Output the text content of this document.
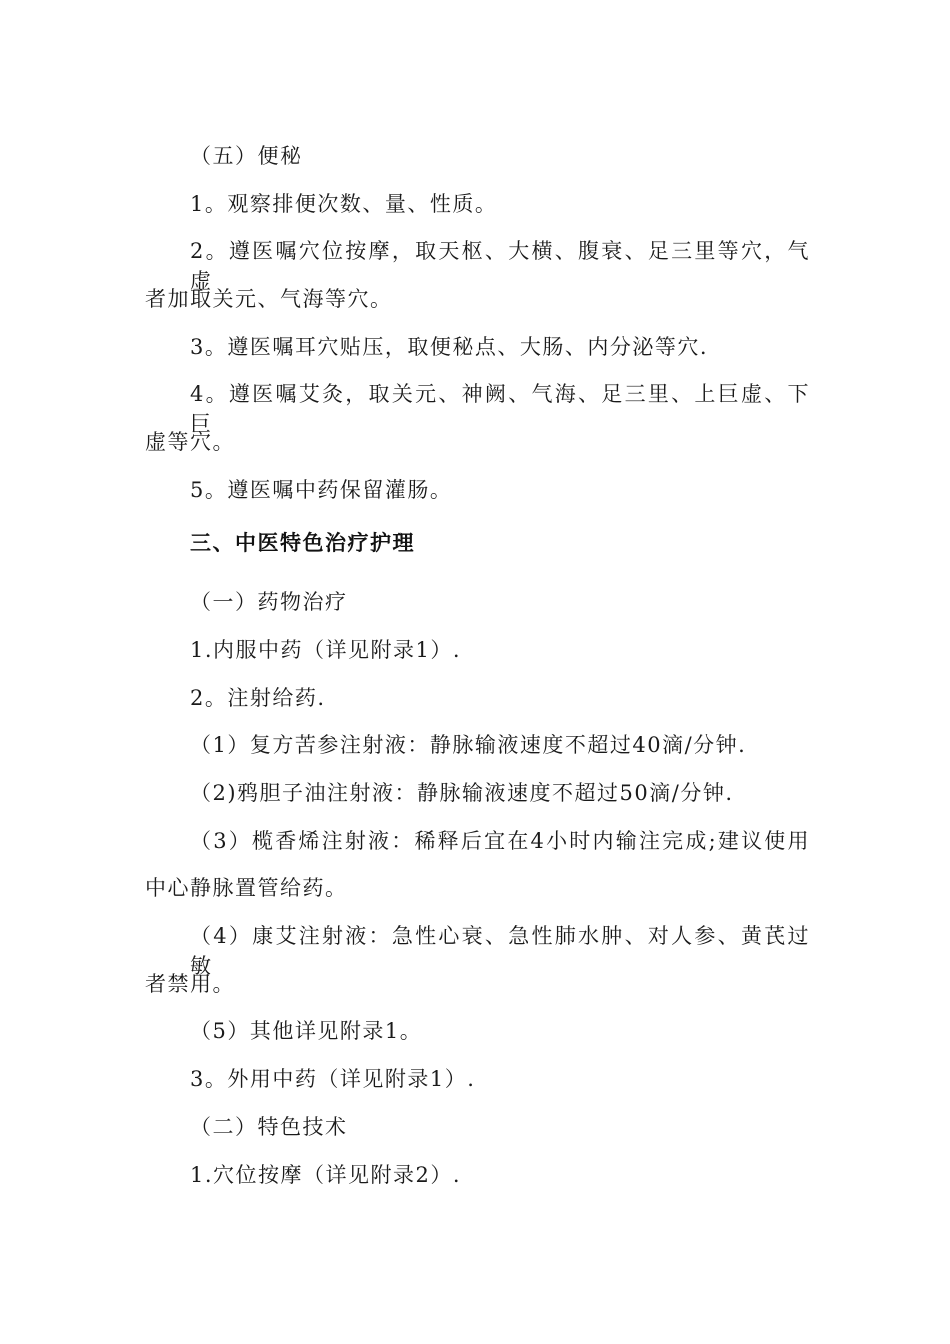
（五）便秘
1。观察排便次数、量、性质。
2。遵医嘱穴位按摩，取天枢、大横、腹衰、足三里等穴，气虚
者加取关元、气海等穴。
3。遵医嘱耳穴贴压，取便秘点、大肠、内分泌等穴.
4。遵医嘱艾灸，取关元、神阙、气海、足三里、上巨虚、下巨
虚等穴。
5。遵医嘱中药保留灌肠。
三、中医特色治疗护理
（一）药物治疗
1.内服中药（详见附录1）.
2。注射给药.
（1）复方苦参注射液：静脉输液速度不超过40滴/分钟.
（2)鸦胆子油注射液：静脉输液速度不超过50滴/分钟.
（3）榄香烯注射液：稀释后宜在4小时内输注完成;建议使用
中心静脉置管给药。
（4）康艾注射液：急性心衰、急性肺水肿、对人参、黄芪过敏
者禁用。
（5）其他详见附录1。
3。外用中药（详见附录1）.
（二）特色技术
1.穴位按摩（详见附录2）.
